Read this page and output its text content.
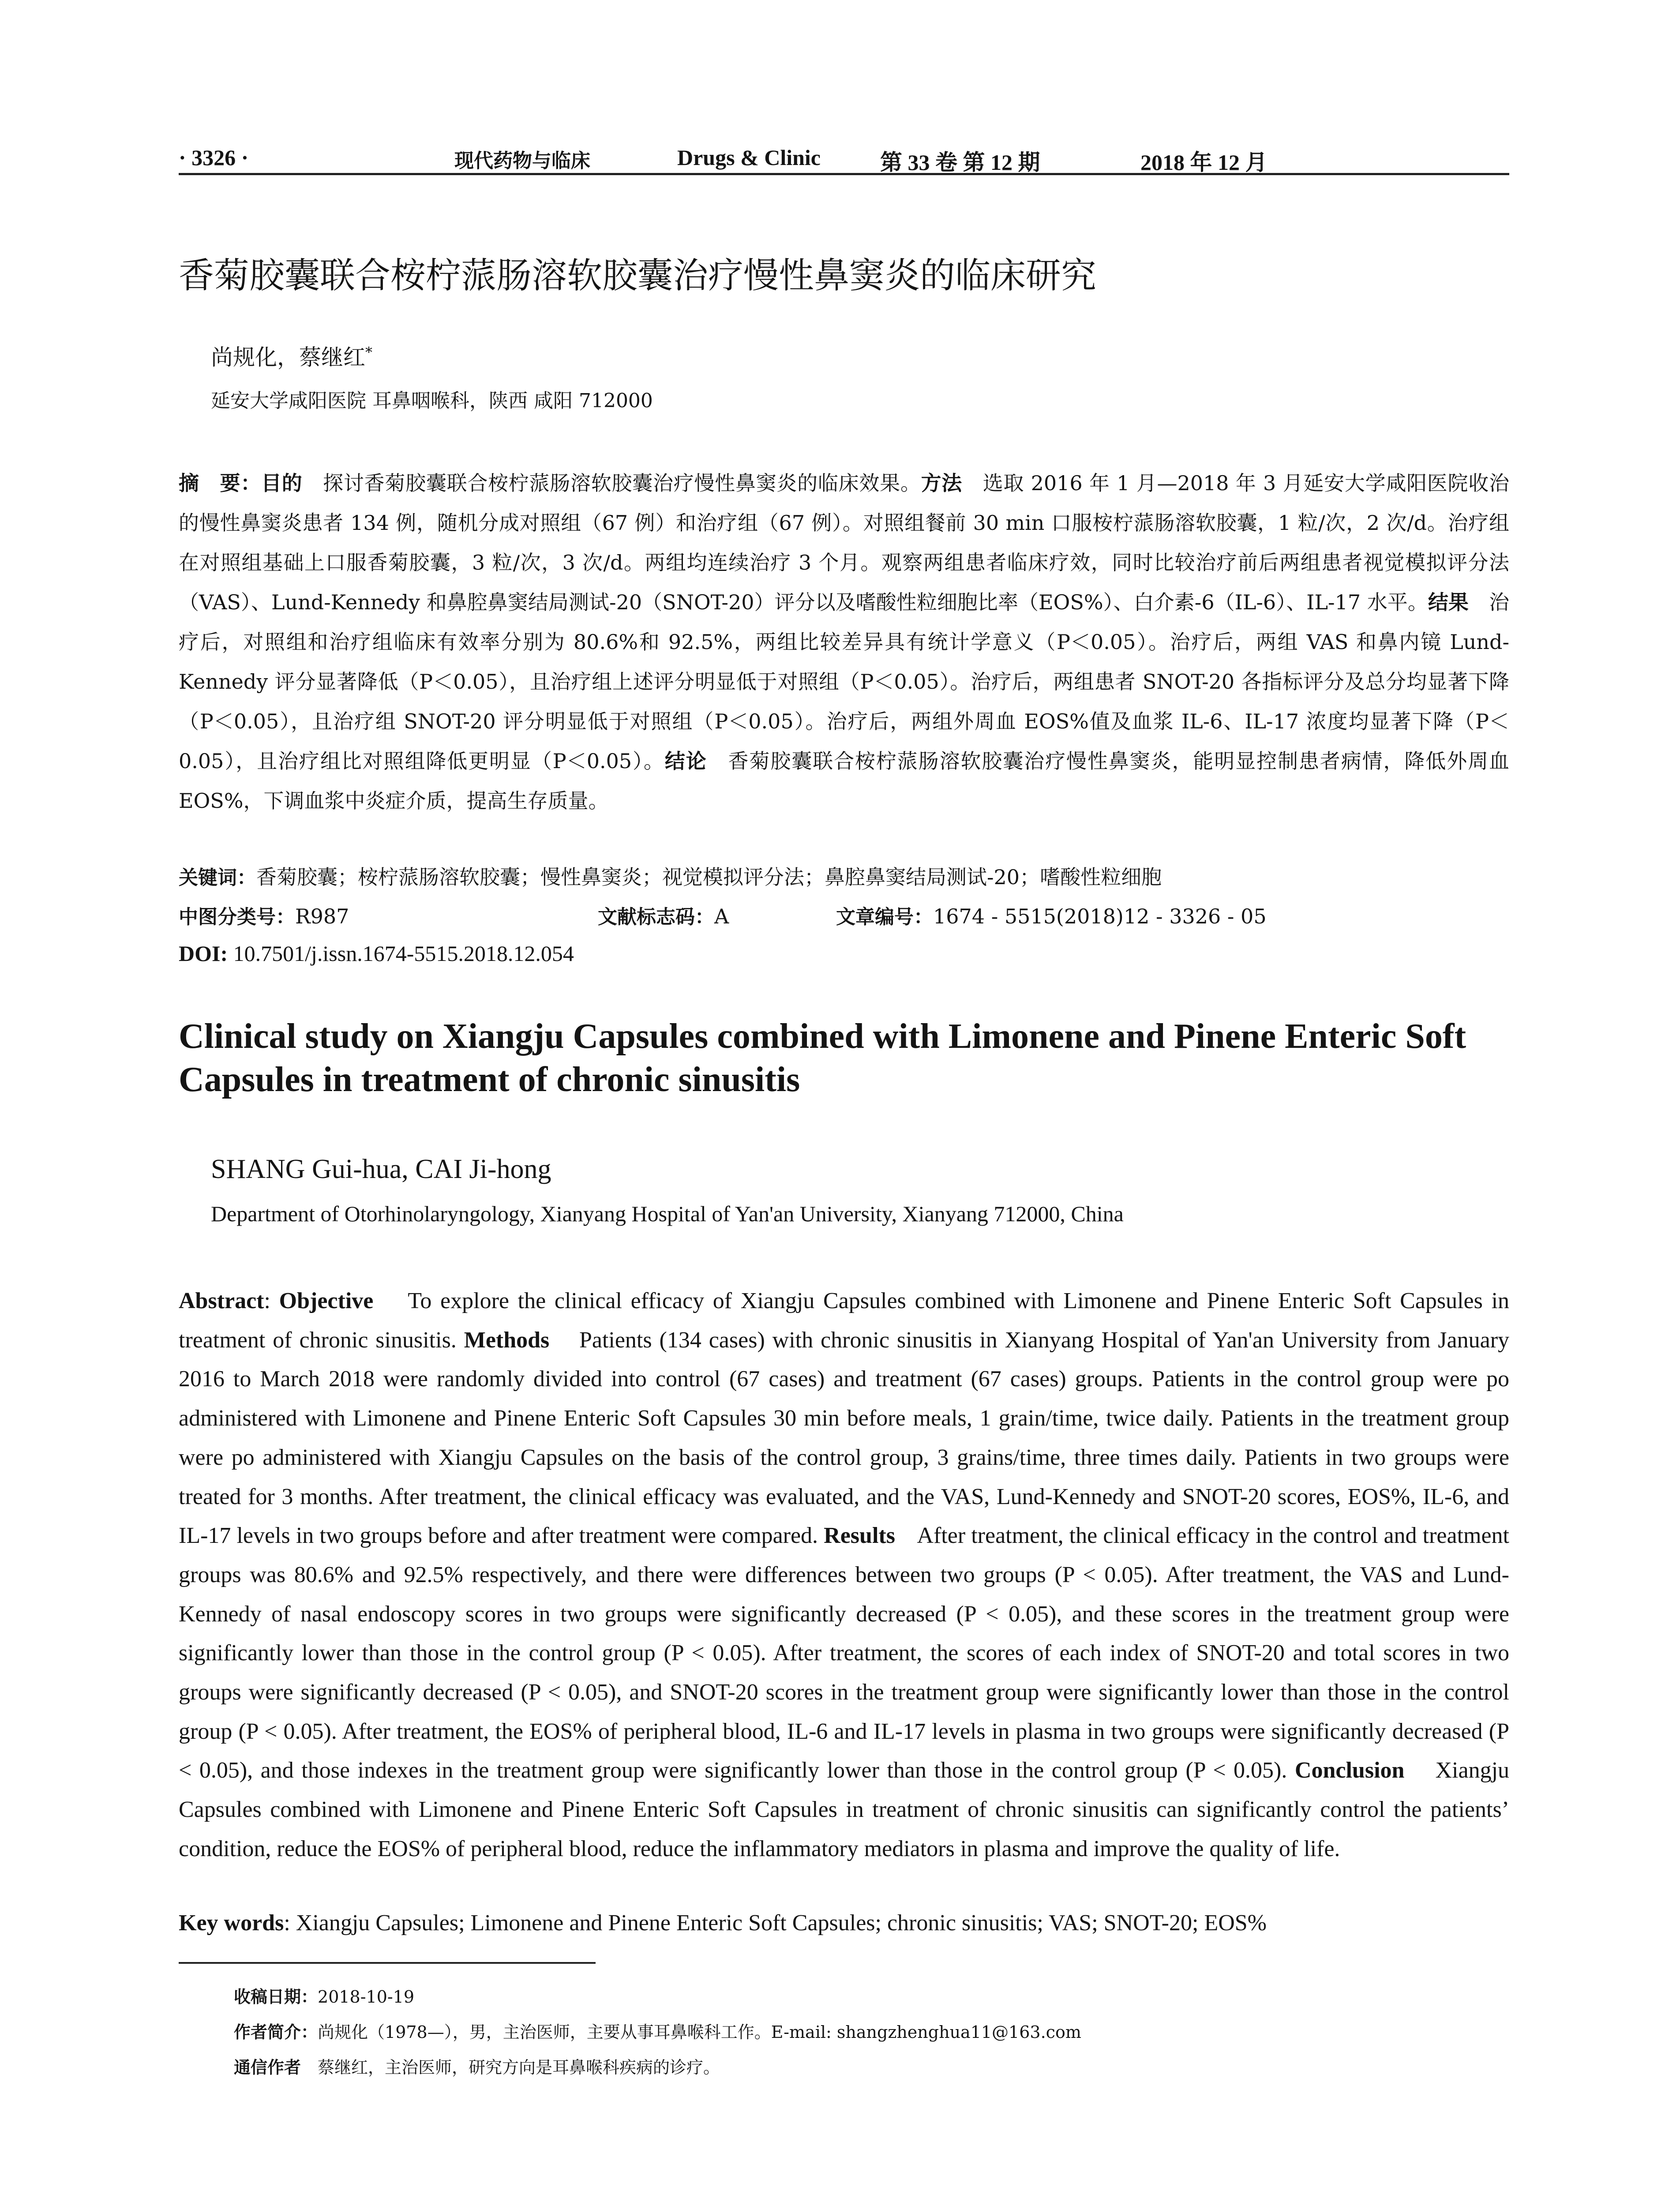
· 3326 ·	现代药物与临床	Drugs & Clinic	第 33 卷 第 12 期	2018 年 12 月
香菊胶囊联合桉柠蒎肠溶软胶囊治疗慢性鼻窦炎的临床研究
尚规化，蔡继红*
延安大学咸阳医院 耳鼻咽喉科，陕西 咸阳 712000

摘　要：目的　探讨香菊胶囊联合桉柠蒎肠溶软胶囊治疗慢性鼻窦炎的临床效果。方法　选取 2016 年 1 月—2018 年 3 月延安大学咸阳医院收治的慢性鼻窦炎患者 134 例，随机分成对照组（67 例）和治疗组（67 例）。对照组餐前 30 min 口服桉柠蒎肠溶软胶囊，1 粒/次，2 次/d。治疗组在对照组基础上口服香菊胶囊，3 粒/次，3 次/d。两组均连续治疗 3 个月。观察两组患者临床疗效，同时比较治疗前后两组患者视觉模拟评分法（VAS）、Lund-Kennedy 和鼻腔鼻窦结局测试-20（SNOT-20）评分以及嗜酸性粒细胞比率（EOS%）、白介素-6（IL-6）、IL-17 水平。结果　治疗后，对照组和治疗组临床有效率分别为 80.6%和 92.5%，两组比较差异具有统计学意义（P＜0.05）。治疗后，两组 VAS 和鼻内镜 Lund-Kennedy 评分显著降低（P＜0.05），且治疗组上述评分明显低于对照组（P＜0.05）。治疗后，两组患者 SNOT-20 各指标评分及总分均显著下降（P＜0.05），且治疗组 SNOT-20 评分明显低于对照组（P＜0.05）。治疗后，两组外周血 EOS%值及血浆 IL-6、IL-17 浓度均显著下降（P＜0.05），且治疗组比对照组降低更明显（P＜0.05）。结论　香菊胶囊联合桉柠蒎肠溶软胶囊治疗慢性鼻窦炎，能明显控制患者病情，降低外周血 EOS%，下调血浆中炎症介质，提高生存质量。

关键词：香菊胶囊；桉柠蒎肠溶软胶囊；慢性鼻窦炎；视觉模拟评分法；鼻腔鼻窦结局测试-20；嗜酸性粒细胞
中图分类号：R987	文献标志码：A	文章编号：1674 - 5515(2018)12 - 3326 - 05
DOI: 10.7501/j.issn.1674-5515.2018.12.054
Clinical study on Xiangju Capsules combined with Limonene and Pinene Enteric Soft Capsules in treatment of chronic sinusitis
SHANG Gui-hua, CAI Ji-hong
Department of Otorhinolaryngology, Xianyang Hospital of Yan'an University, Xianyang 712000, China

Abstract: Objective To explore the clinical efficacy of Xiangju Capsules combined with Limonene and Pinene Enteric Soft Capsules in treatment of chronic sinusitis. Methods Patients (134 cases) with chronic sinusitis in Xianyang Hospital of Yan'an University from January 2016 to March 2018 were randomly divided into control (67 cases) and treatment (67 cases) groups. Patients in the control group were po administered with Limonene and Pinene Enteric Soft Capsules 30 min before meals, 1 grain/time, twice daily. Patients in the treatment group were po administered with Xiangju Capsules on the basis of the control group, 3 grains/time, three times daily. Patients in two groups were treated for 3 months. After treatment, the clinical efficacy was evaluated, and the VAS, Lund-Kennedy and SNOT-20 scores, EOS%, IL-6, and IL-17 levels in two groups before and after treatment were compared. Results After treatment, the clinical efficacy in the control and treatment groups was 80.6% and 92.5% respectively, and there were differences between two groups (P < 0.05). After treatment, the VAS and Lund-Kennedy of nasal endoscopy scores in two groups were significantly decreased (P < 0.05), and these scores in the treatment group were significantly lower than those in the control group (P < 0.05). After treatment, the scores of each index of SNOT-20 and total scores in two groups were significantly decreased (P < 0.05), and SNOT-20 scores in the treatment group were significantly lower than those in the control group (P < 0.05). After treatment, the EOS% of peripheral blood, IL-6 and IL-17 levels in plasma in two groups were significantly decreased (P < 0.05), and those indexes in the treatment group were significantly lower than those in the control group (P < 0.05). Conclusion Xiangju Capsules combined with Limonene and Pinene Enteric Soft Capsules in treatment of chronic sinusitis can significantly control the patients’ condition, reduce the EOS% of peripheral blood, reduce the inflammatory mediators in plasma and improve the quality of life.

Key words: Xiangju Capsules; Limonene and Pinene Enteric Soft Capsules; chronic sinusitis; VAS; SNOT-20; EOS%

收稿日期：2018-10-19
作者简介：尚规化（1978—），男，主治医师，主要从事耳鼻喉科工作。E-mail: shangzhenghua11@163.com
通信作者　蔡继红，主治医师，研究方向是耳鼻喉科疾病的诊疗。
